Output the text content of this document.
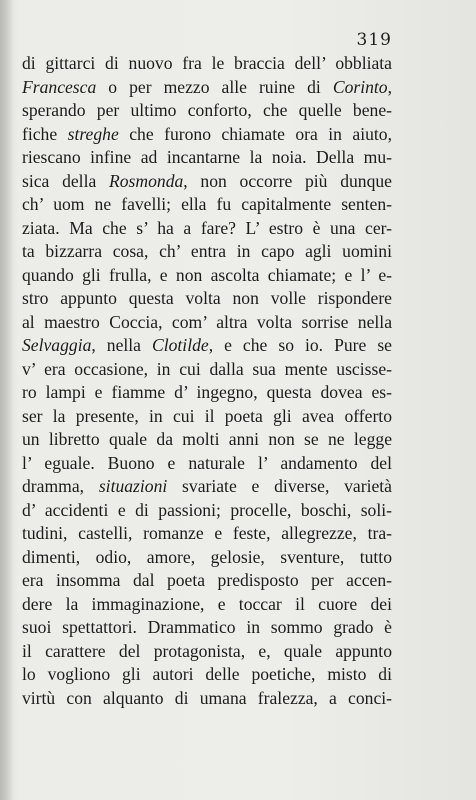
319
di gittarci di nuovo fra le braccia dell’ obbliata
Francesca o per mezzo alle ruine di Corinto,
sperando per ultimo conforto, che quelle bene-
fiche streghe che furono chiamate ora in aiuto,
riescano infine ad incantarne la noia. Della mu-
sica della Rosmonda, non occorre più dunque
ch’ uom ne favelli; ella fu capitalmente senten-
ziata. Ma che s’ ha a fare? L’ estro è una cer-
ta bizzarra cosa, ch’ entra in capo agli uomini
quando gli frulla, e non ascolta chiamate; e l’ e-
stro appunto questa volta non volle rispondere
al maestro Coccia, com’ altra volta sorrise nella
Selvaggia, nella Clotilde, e che so io. Pure se
v’ era occasione, in cui dalla sua mente uscisse-
ro lampi e fiamme d’ ingegno, questa dovea es-
ser la presente, in cui il poeta gli avea offerto
un libretto quale da molti anni non se ne legge
l’ eguale. Buono e naturale l’ andamento del
dramma, situazioni svariate e diverse, varietà
d’ accidenti e di passioni; procelle, boschi, soli-
tudini, castelli, romanze e feste, allegrezze, tra-
dimenti, odio, amore, gelosie, sventure, tutto
era insomma dal poeta predisposto per accen-
dere la immaginazione, e toccar il cuore dei
suoi spettattori. Drammatico in sommo grado è
il carattere del protagonista, e, quale appunto
lo vogliono gli autori delle poetiche, misto di
virtù con alquanto di umana fralezza, a conci-
